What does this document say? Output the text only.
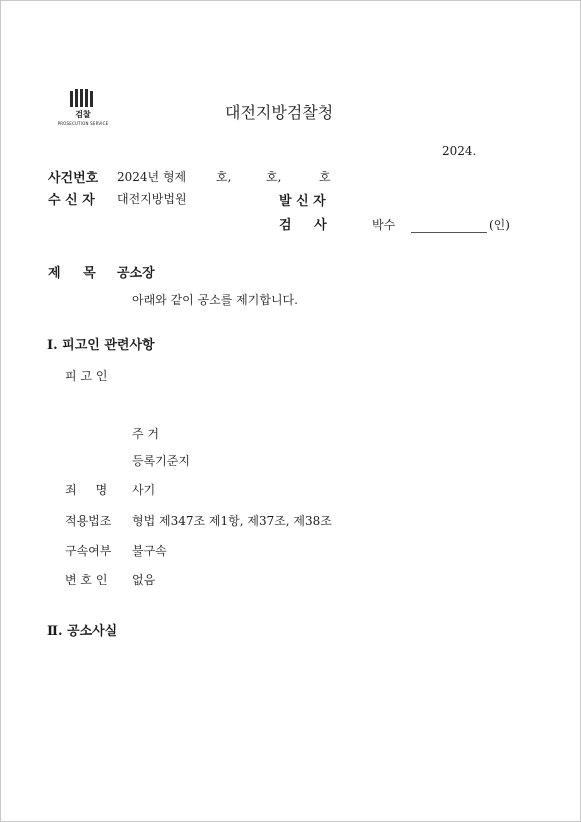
검찰
PROSECUTION SERVICE
대전지방검찰청
2024.
사건번호 2024년 형제 호,	호,	호
수 신 자 대전지방법원	발 신 자
검     사	박수	(인)
제     목 공소장
아래와 같이 공소를 제기합니다.
Ⅰ. 피고인 관련사항
피 고 인
주 거
등록기준지
죄     명 사기
적용법조 형법 제347조 제1항, 제37조, 제38조
구속여부 불구속
변 호 인 없음
Ⅱ. 공소사실
